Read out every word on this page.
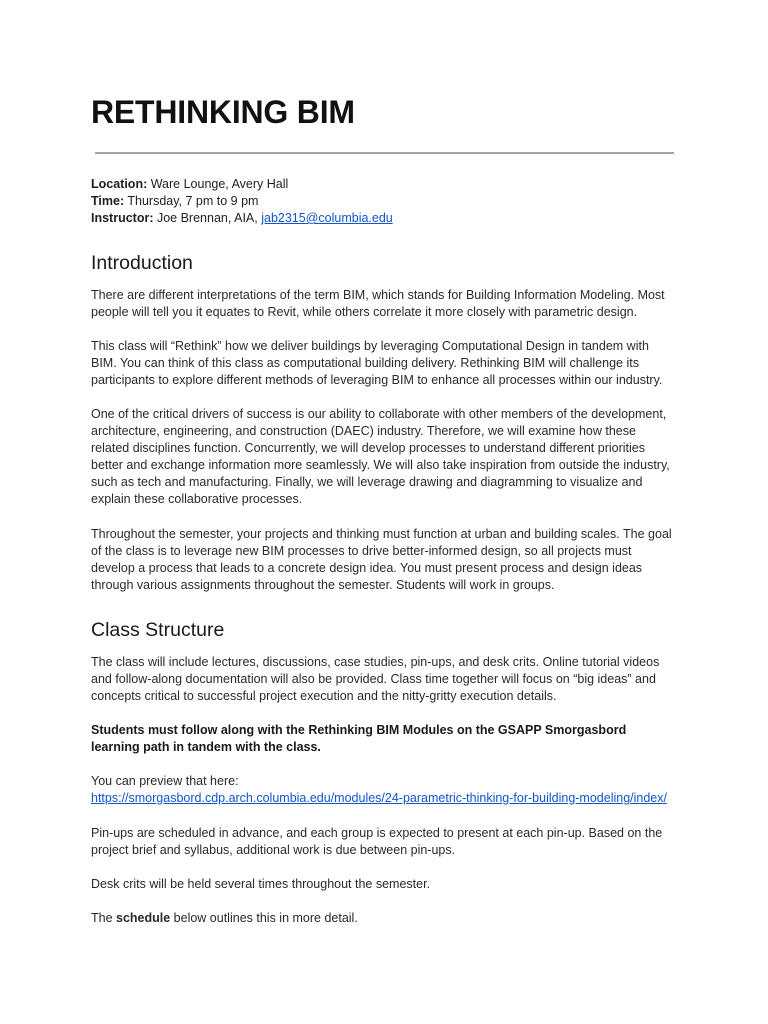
RETHINKING BIM
Location: Ware Lounge, Avery Hall
Time: Thursday, 7 pm to 9 pm
Instructor: Joe Brennan, AIA, jab2315@columbia.edu
Introduction

There are different interpretations of the term BIM, which stands for Building Information Modeling. Most
people will tell you it equates to Revit, while others correlate it more closely with parametric design.

This class will “Rethink” how we deliver buildings by leveraging Computational Design in tandem with
BIM. You can think of this class as computational building delivery. Rethinking BIM will challenge its
participants to explore different methods of leveraging BIM to enhance all processes within our industry.

One of the critical drivers of success is our ability to collaborate with other members of the development,
architecture, engineering, and construction (DAEC) industry. Therefore, we will examine how these
related disciplines function. Concurrently, we will develop processes to understand different priorities
better and exchange information more seamlessly. We will also take inspiration from outside the industry,
such as tech and manufacturing. Finally, we will leverage drawing and diagramming to visualize and
explain these collaborative processes.

Throughout the semester, your projects and thinking must function at urban and building scales. The goal
of the class is to leverage new BIM processes to drive better-informed design, so all projects must
develop a process that leads to a concrete design idea. You must present process and design ideas
through various assignments throughout the semester. Students will work in groups.

Class Structure

The class will include lectures, discussions, case studies, pin-ups, and desk crits. Online tutorial videos
and follow-along documentation will also be provided. Class time together will focus on “big ideas” and
concepts critical to successful project execution and the nitty-gritty execution details.

Students must follow along with the Rethinking BIM Modules on the GSAPP Smorgasbord
learning path in tandem with the class.

You can preview that here:
https://smorgasbord.cdp.arch.columbia.edu/modules/24-parametric-thinking-for-building-modeling/index/

Pin-ups are scheduled in advance, and each group is expected to present at each pin-up. Based on the
project brief and syllabus, additional work is due between pin-ups.

Desk crits will be held several times throughout the semester.

The schedule below outlines this in more detail.
